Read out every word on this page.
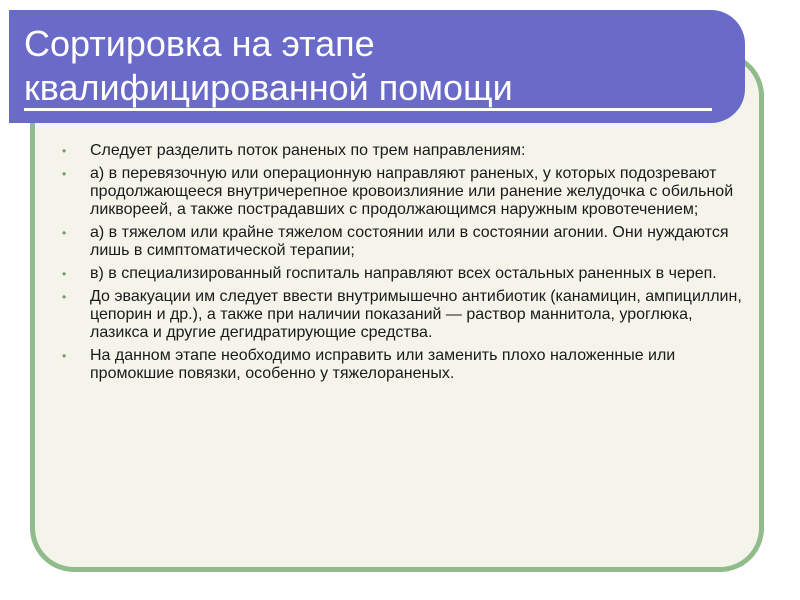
Сортировка на этапе
квалифицированной помощи
•	Следует разделить поток раненых по трем направлениям:
•	а) в перевязочную или операционную направляют раненых, у которых подозревают продолжающееся внутричерепное кровоизлияние или ранение желудочка с обильной ликвореей, а также пострадавших с продолжающимся наружным кровотечением;
•	а) в тяжелом или крайне тяжелом состоянии или в состоянии агонии. Они нуждаются лишь в симптоматической терапии;
•	в) в специализированный госпиталь направляют всех остальных раненных в череп.
•	До эвакуации им следует ввести внутримышечно антибиотик (канамицин, ампициллин, цепорин и др.), а также при наличии показаний — раствор маннитола, уроглюка, лазикса и другие дегидратирующие средства.
•	На данном этапе необходимо исправить или заменить плохо наложенные или промокшие повязки, особенно у тяжелораненых.
